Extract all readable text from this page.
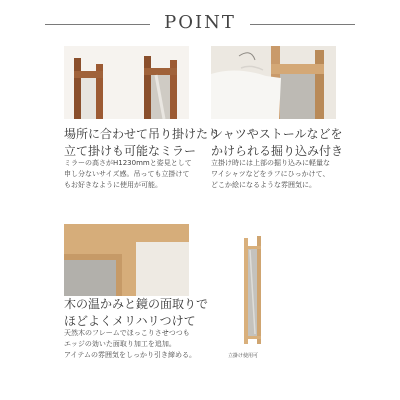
POINT
場所に合わせて吊り掛けたり
立て掛けも可能なミラー
ミラーの高さがH1230mmと姿見として
申し分ないサイズ感。吊っても立掛けて
もお好きなように使用が可能。
シャツやストールなどを
かけられる掘り込み付き
立掛け時には上部の掘り込みに軽量な
ワイシャツなどをラフにひっかけて、
どこか絵になるような雰囲気に。
木の温かみと鏡の面取りで
ほどよくメリハリつけて
天然木のフレームでほっこりさせつつも
エッジの効いた面取り加工を追加。
アイテムの雰囲気をしっかり引き締める。	立掛け使用可
